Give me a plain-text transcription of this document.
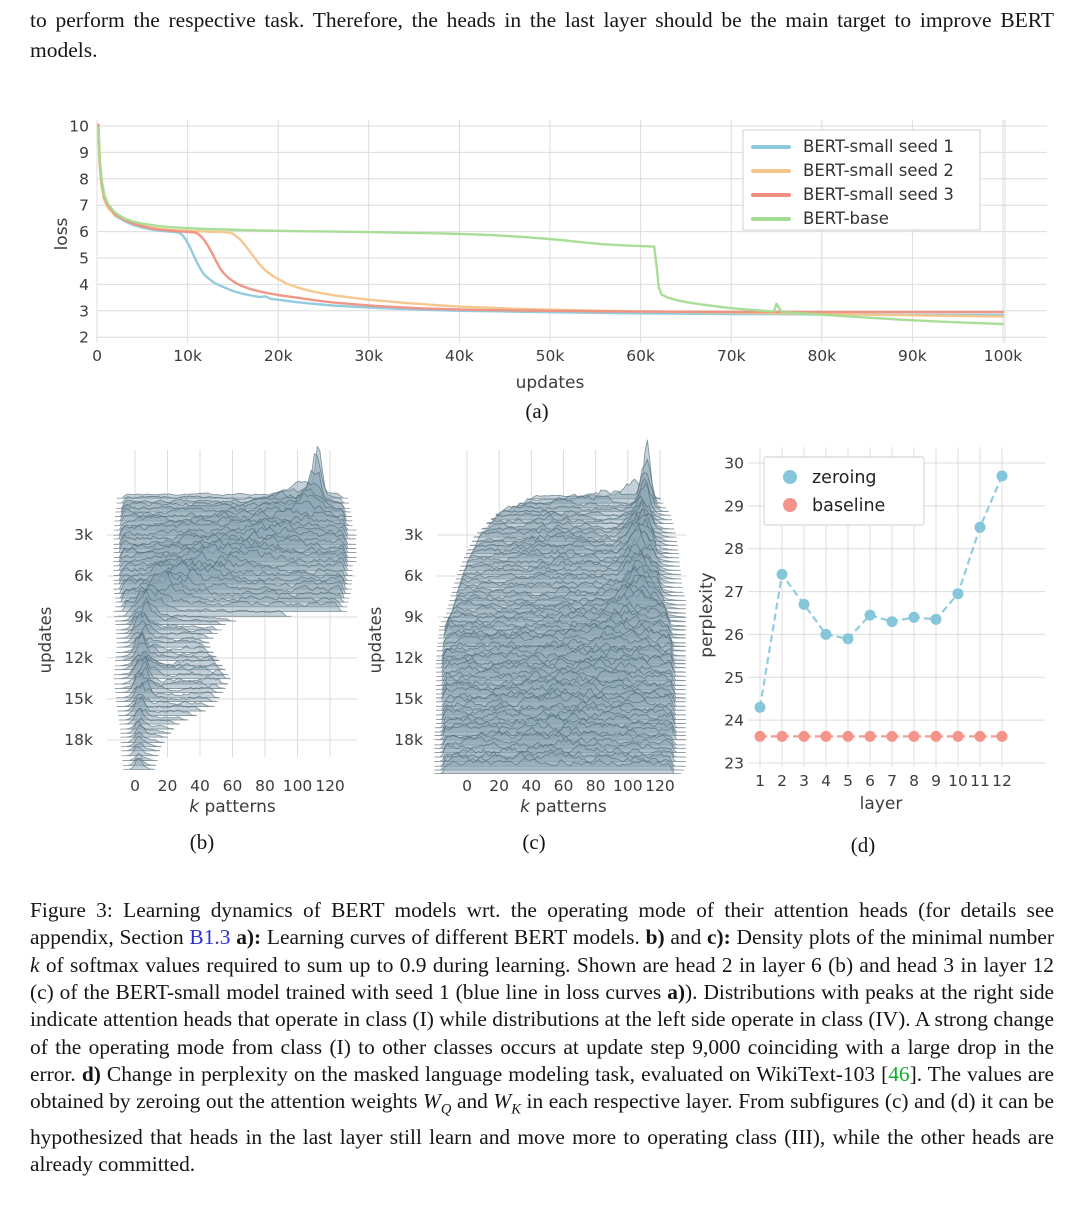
to perform the respective task. Therefore, the heads in the last layer should be the main target to improve BERT models.

2
3
4
5
6
7
8
9
10
0	10k	20k	30k	40k	50k	60k	70k	80k	90k	100k
updates
loss
BERT-small seed 1
BERT-small seed 2
BERT-small seed 3
BERT-base
(a)
3k
6k
9k
12k
15k
18k
0 20 40 60 80 100 120
k patterns
updates
(b)
3k
6k
9k
12k
15k
18k
0 20 40 60 80 100 120
k patterns
updates
(c)
23
24
25
26
27
28
29
30
1 2 3 4 5 6 7 8 9 10 11 12
layer
perplexity
zeroing
baseline
(d)

Figure 3: Learning dynamics of BERT models wrt. the operating mode of their attention heads (for details see appendix, Section B1.3 a): Learning curves of different BERT models. b) and c): Density plots of the minimal number k of softmax values required to sum up to 0.9 during learning. Shown are head 2 in layer 6 (b) and head 3 in layer 12 (c) of the BERT-small model trained with seed 1 (blue line in loss curves a)). Distributions with peaks at the right side indicate attention heads that operate in class (I) while distributions at the left side operate in class (IV). A strong change of the operating mode from class (I) to other classes occurs at update step 9,000 coinciding with a large drop in the error. d) Change in perplexity on the masked language modeling task, evaluated on WikiText-103 [46]. The values are obtained by zeroing out the attention weights $W_Q$ and $W_K$ in each respective layer. From subfigures (c) and (d) it can be hypothesized that heads in the last layer still learn and move more to operating class (III), while the other heads are already committed.
